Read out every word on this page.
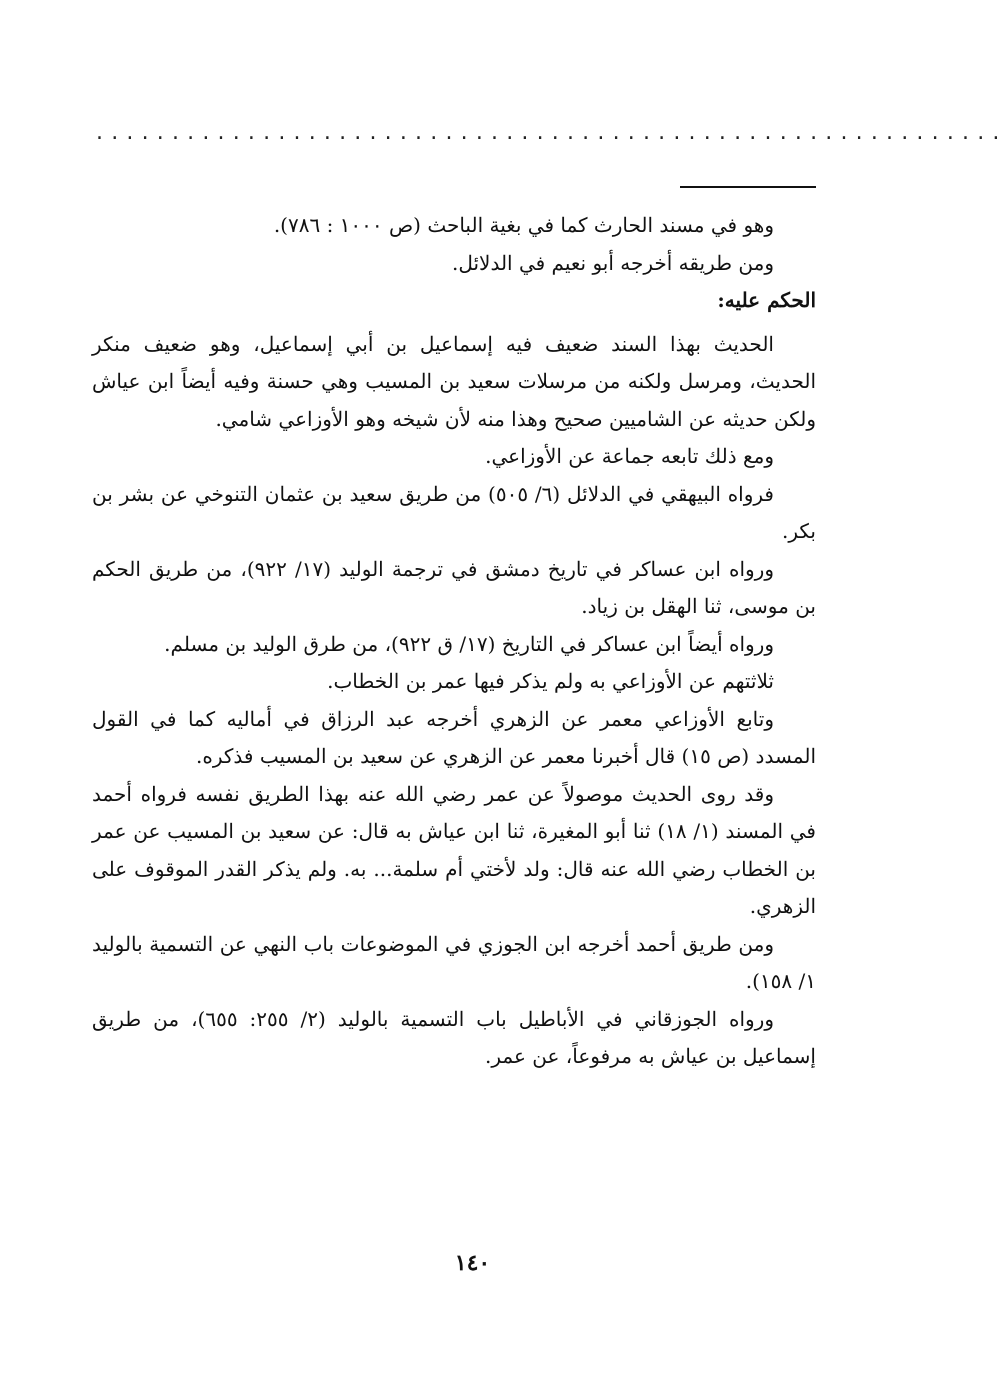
............................................................

وهو في مسند الحارث كما في بغية الباحث (ص ١٠٠٠ : ٧٨٦).

ومن طريقه أخرجه أبو نعيم في الدلائل.

الحكم عليه:

الحديث بهذا السند ضعيف فيه إسماعيل بن أبي إسماعيل، وهو ضعيف منكر الحديث، ومرسل ولكنه من مرسلات سعيد بن المسيب وهي حسنة وفيه أيضاً ابن عياش ولكن حديثه عن الشاميين صحيح وهذا منه لأن شيخه وهو الأوزاعي شامي.

ومع ذلك تابعه جماعة عن الأوزاعي.

فرواه البيهقي في الدلائل (٦/ ٥٠٥) من طريق سعيد بن عثمان التنوخي عن بشر بن بكر.

ورواه ابن عساكر في تاريخ دمشق في ترجمة الوليد (١٧/ ٩٢٢)، من طريق الحكم بن موسى، ثنا الهقل بن زياد.

ورواه أيضاً ابن عساكر في التاريخ (١٧/ ق ٩٢٢)، من طرق الوليد بن مسلم.

ثلاثتهم عن الأوزاعي به ولم يذكر فيها عمر بن الخطاب.

وتابع الأوزاعي معمر عن الزهري أخرجه عبد الرزاق في أماليه كما في القول المسدد (ص ١٥) قال أخبرنا معمر عن الزهري عن سعيد بن المسيب فذكره.

وقد روى الحديث موصولاً عن عمر رضي الله عنه بهذا الطريق نفسه فرواه أحمد في المسند (١/ ١٨) ثنا أبو المغيرة، ثنا ابن عياش به قال: عن سعيد بن المسيب عن عمر بن الخطاب رضي الله عنه قال: ولد لأختي أم سلمة... به. ولم يذكر القدر الموقوف على الزهري.

ومن طريق أحمد أخرجه ابن الجوزي في الموضوعات باب النهي عن التسمية بالوليد ١/ ١٥٨).

ورواه الجوزقاني في الأباطيل باب التسمية بالوليد (٢/ ٢٥٥: ٦٥٥)، من طريق إسماعيل بن عياش به مرفوعاً، عن عمر.

١٤٠
